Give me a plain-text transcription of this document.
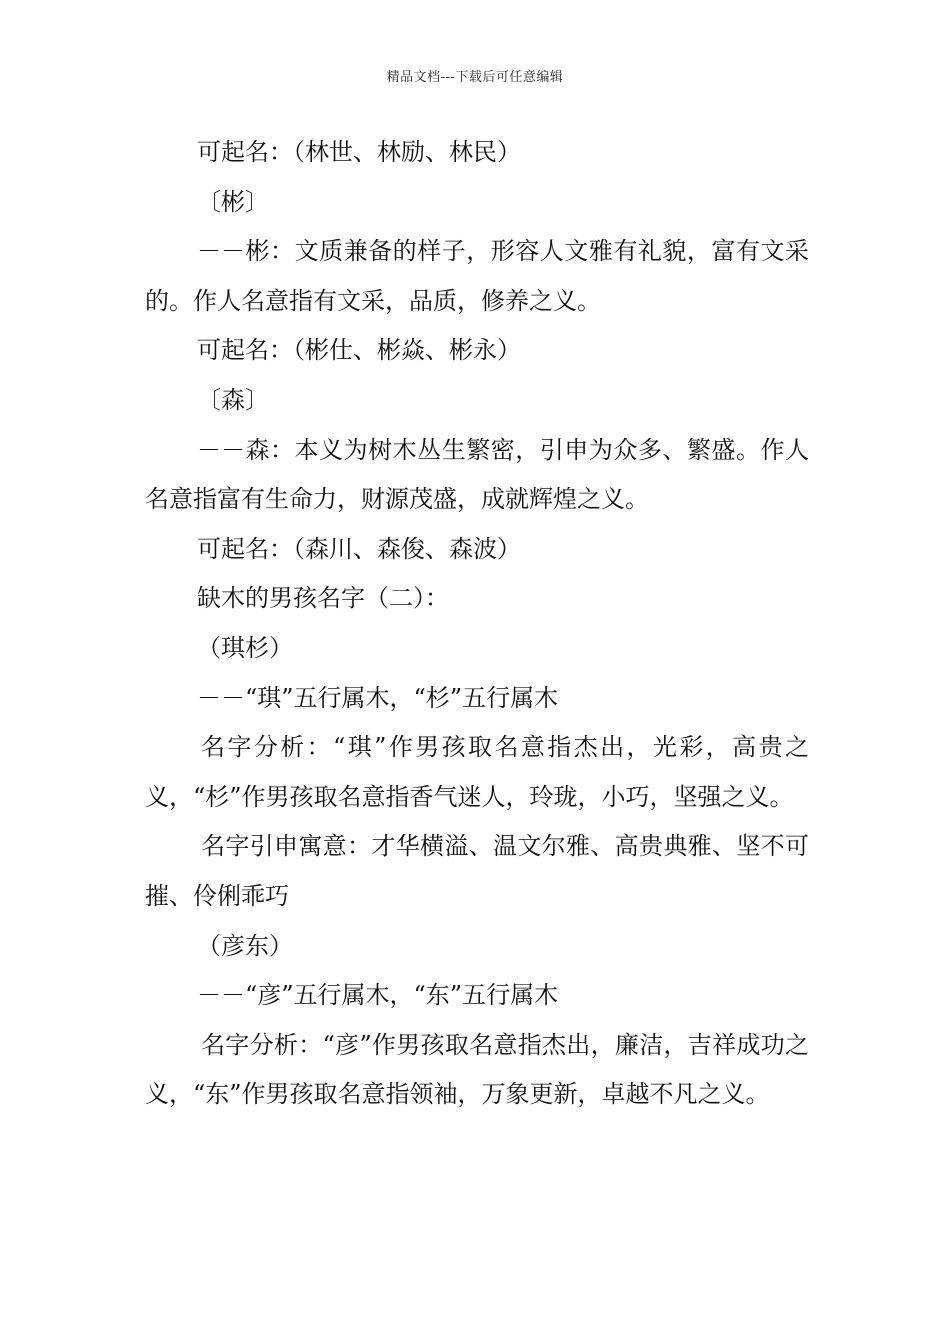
精品文档---下载后可任意编辑

可起名：（林世、林励、林民）

〔彬〕

－－彬：文质兼备的样子，形容人文雅有礼貌，富有文采的。作人名意指有文采，品质，修养之义。

可起名：（彬仕、彬焱、彬永）

〔森〕

－－森：本义为树木丛生繁密，引申为众多、繁盛。作人名意指富有生命力，财源茂盛，成就辉煌之义。

可起名：（森川、森俊、森波）

缺木的男孩名字（二）：

（琪杉）

－－“琪”五行属木，“杉”五行属木

名字分析：“琪”作男孩取名意指杰出，光彩，高贵之义，“杉”作男孩取名意指香气迷人，玲珑，小巧，坚强之义。

名字引申寓意：才华横溢、温文尔雅、高贵典雅、坚不可摧、伶俐乖巧

（彦东）

－－“彦”五行属木，“东”五行属木

名字分析：“彦”作男孩取名意指杰出，廉洁，吉祥成功之义，“东”作男孩取名意指领袖，万象更新，卓越不凡之义。
